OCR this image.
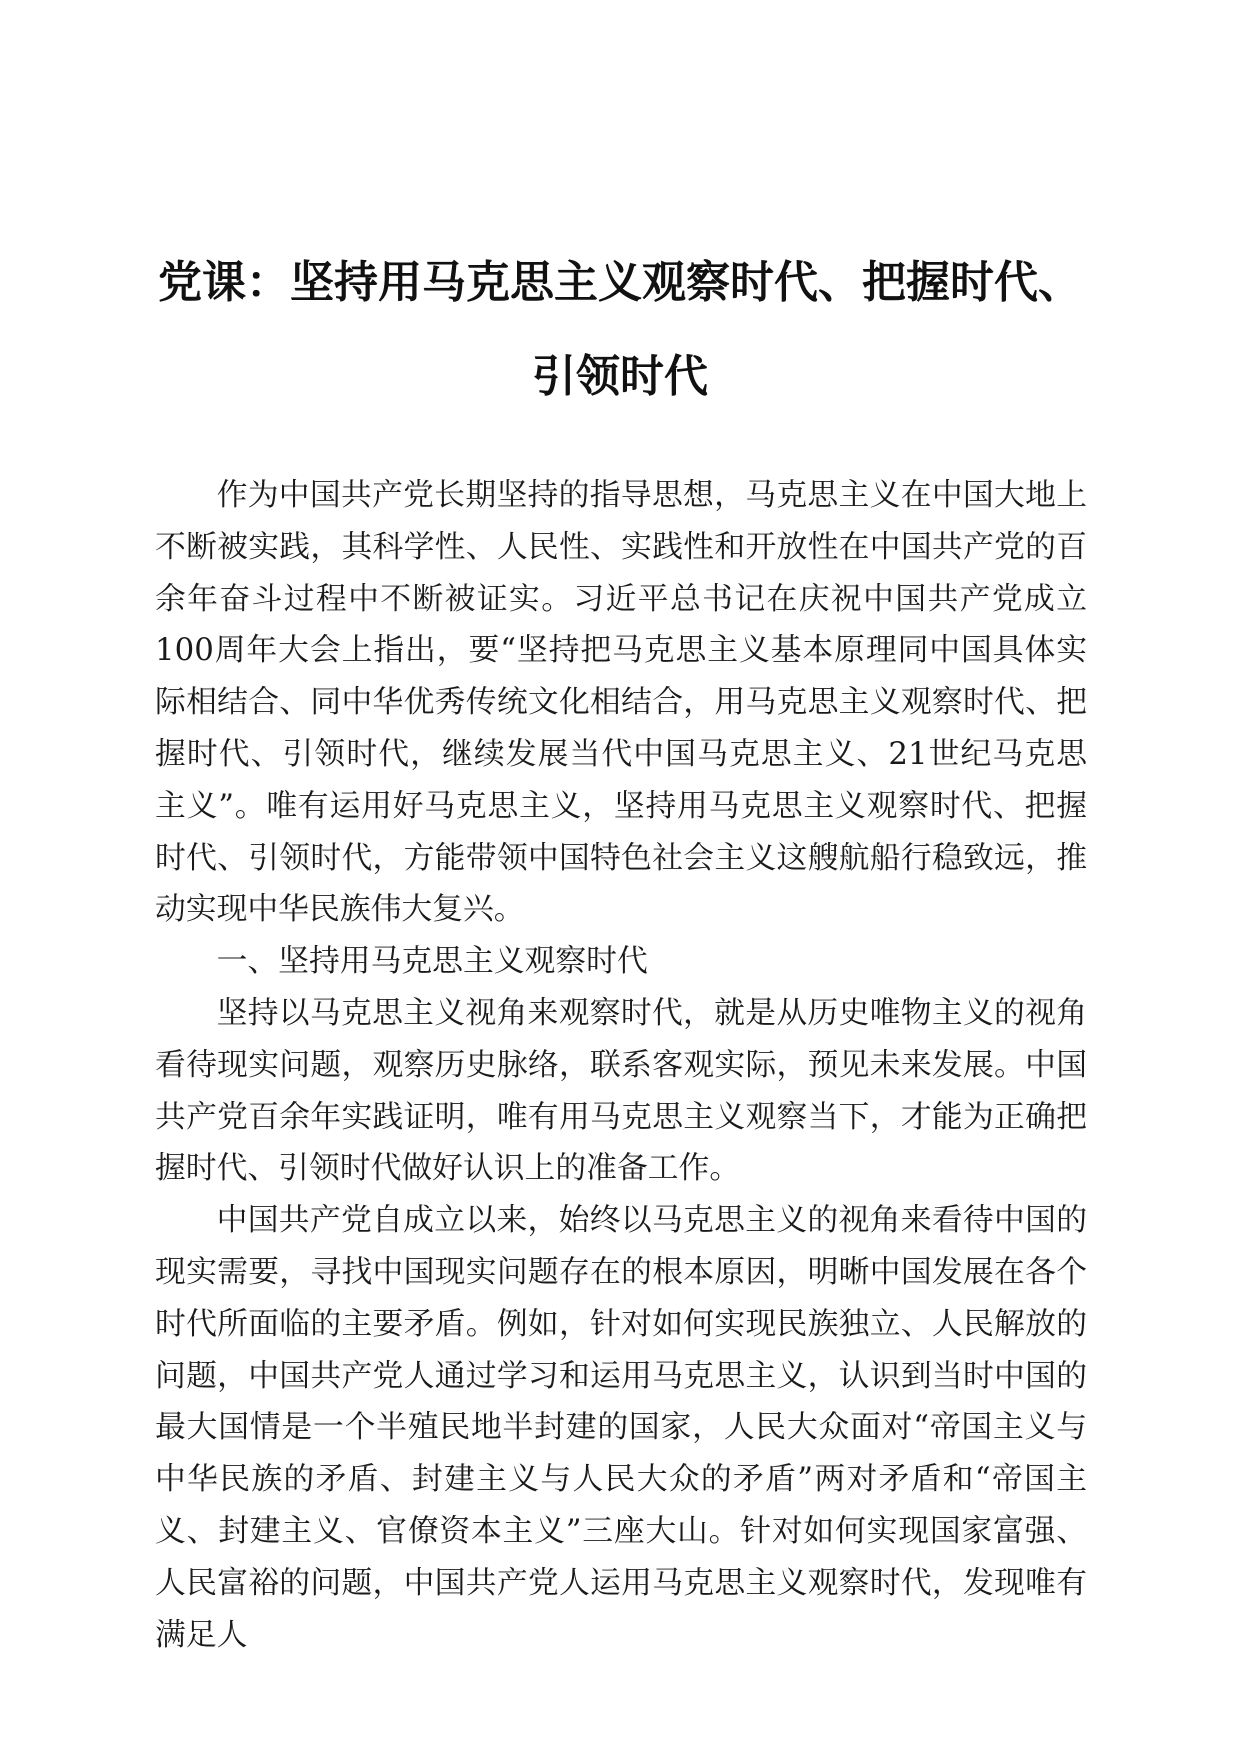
党课：坚持用马克思主义观察时代、把握时代、
引领时代

作为中国共产党长期坚持的指导思想，马克思主义在中国大地上不断被实践，其科学性、人民性、实践性和开放性在中国共产党的百余年奋斗过程中不断被证实。习近平总书记在庆祝中国共产党成立100周年大会上指出，要“坚持把马克思主义基本原理同中国具体实际相结合、同中华优秀传统文化相结合，用马克思主义观察时代、把握时代、引领时代，继续发展当代中国马克思主义、21世纪马克思主义”。唯有运用好马克思主义，坚持用马克思主义观察时代、把握时代、引领时代，方能带领中国特色社会主义这艘航船行稳致远，推动实现中华民族伟大复兴。

一、坚持用马克思主义观察时代

坚持以马克思主义视角来观察时代，就是从历史唯物主义的视角看待现实问题，观察历史脉络，联系客观实际，预见未来发展。中国共产党百余年实践证明，唯有用马克思主义观察当下，才能为正确把握时代、引领时代做好认识上的准备工作。

中国共产党自成立以来，始终以马克思主义的视角来看待中国的现实需要，寻找中国现实问题存在的根本原因，明晰中国发展在各个时代所面临的主要矛盾。例如，针对如何实现民族独立、人民解放的问题，中国共产党人通过学习和运用马克思主义，认识到当时中国的最大国情是一个半殖民地半封建的国家，人民大众面对“帝国主义与中华民族的矛盾、封建主义与人民大众的矛盾”两对矛盾和“帝国主义、封建主义、官僚资本主义”三座大山。针对如何实现国家富强、人民富裕的问题，中国共产党人运用马克思主义观察时代，发现唯有满足人
